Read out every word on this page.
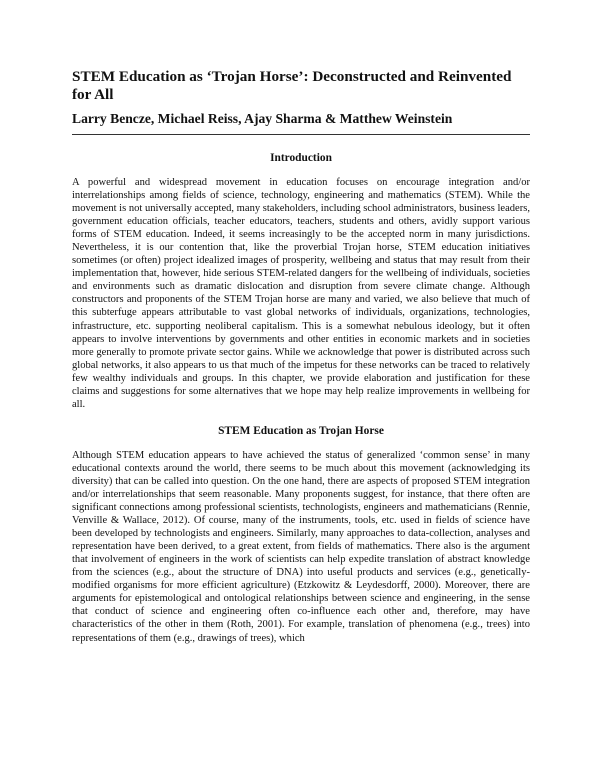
STEM Education as ‘Trojan Horse’: Deconstructed and Reinvented for All

Larry Bencze, Michael Reiss, Ajay Sharma & Matthew Weinstein

Introduction

A powerful and widespread movement in education focuses on encourage integration and/or interrelationships among fields of science, technology, engineering and mathematics (STEM). While the movement is not universally accepted, many stakeholders, including school administrators, business leaders, government education officials, teacher educators, teachers, students and others, avidly support various forms of STEM education. Indeed, it seems increasingly to be the accepted norm in many jurisdictions. Nevertheless, it is our contention that, like the proverbial Trojan horse, STEM education initiatives sometimes (or often) project idealized images of prosperity, wellbeing and status that may result from their implementation that, however, hide serious STEM-related dangers for the wellbeing of individuals, societies and environments such as dramatic dislocation and disruption from severe climate change. Although constructors and proponents of the STEM Trojan horse are many and varied, we also believe that much of this subterfuge appears attributable to vast global networks of individuals, organizations, technologies, infrastructure, etc. supporting neoliberal capitalism. This is a somewhat nebulous ideology, but it often appears to involve interventions by governments and other entities in economic markets and in societies more generally to promote private sector gains. While we acknowledge that power is distributed across such global networks, it also appears to us that much of the impetus for these networks can be traced to relatively few wealthy individuals and groups. In this chapter, we provide elaboration and justification for these claims and suggestions for some alternatives that we hope may help realize improvements in wellbeing for all.

STEM Education as Trojan Horse

Although STEM education appears to have achieved the status of generalized ‘common sense’ in many educational contexts around the world, there seems to be much about this movement (acknowledging its diversity) that can be called into question. On the one hand, there are aspects of proposed STEM integration and/or interrelationships that seem reasonable. Many proponents suggest, for instance, that there often are significant connections among professional scientists, technologists, engineers and mathematicians (Rennie, Venville & Wallace, 2012). Of course, many of the instruments, tools, etc. used in fields of science have been developed by technologists and engineers. Similarly, many approaches to data-collection, analyses and representation have been derived, to a great extent, from fields of mathematics. There also is the argument that involvement of engineers in the work of scientists can help expedite translation of abstract knowledge from the sciences (e.g., about the structure of DNA) into useful products and services (e.g., genetically-modified organisms for more efficient agriculture) (Etzkowitz & Leydesdorff, 2000). Moreover, there are arguments for epistemological and ontological relationships between science and engineering, in the sense that conduct of science and engineering often co-influence each other and, therefore, may have characteristics of the other in them (Roth, 2001). For example, translation of phenomena (e.g., trees) into representations of them (e.g., drawings of trees), which
